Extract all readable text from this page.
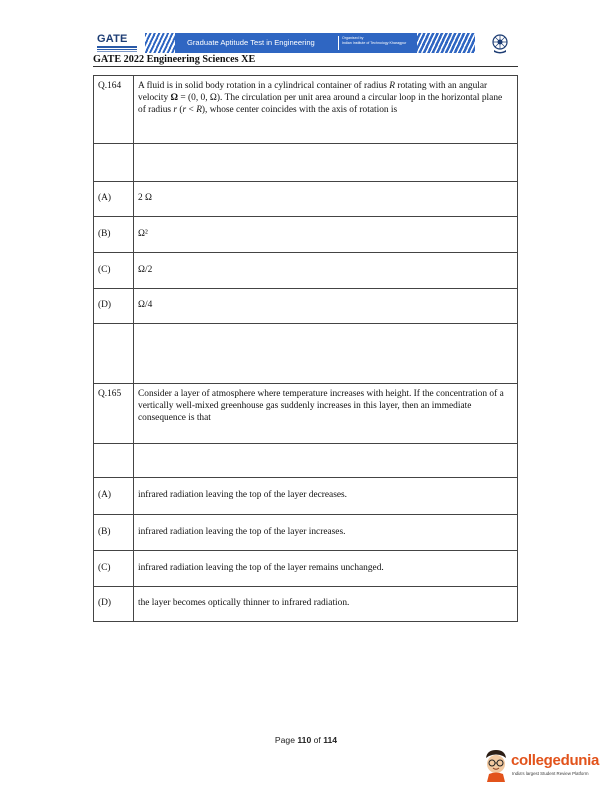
GATE	Graduate Aptitude Test in Engineering	Organised by
Indian Institute of Technology Kharagpur
GATE 2022 Engineering Sciences XE
Q.164	A fluid is in solid body rotation in a cylindrical container of radius R rotating with an angular velocity Ω = (0, 0, Ω). The circulation per unit area around a circular loop in the horizontal plane of radius r (r < R), whose center coincides with the axis of rotation is

(A)	2 Ω
(B)	Ω²
(C)	Ω/2
(D)	Ω/4

Q.165	Consider a layer of atmosphere where temperature increases with height. If the concentration of a vertically well-mixed greenhouse gas suddenly increases in this layer, then an immediate consequence is that

(A)	infrared radiation leaving the top of the layer decreases.
(B)	infrared radiation leaving the top of the layer increases.
(C)	infrared radiation leaving the top of the layer remains unchanged.
(D)	the layer becomes optically thinner to infrared radiation.
Page 110 of 114
collegedunia
India's largest Student Review Platform
